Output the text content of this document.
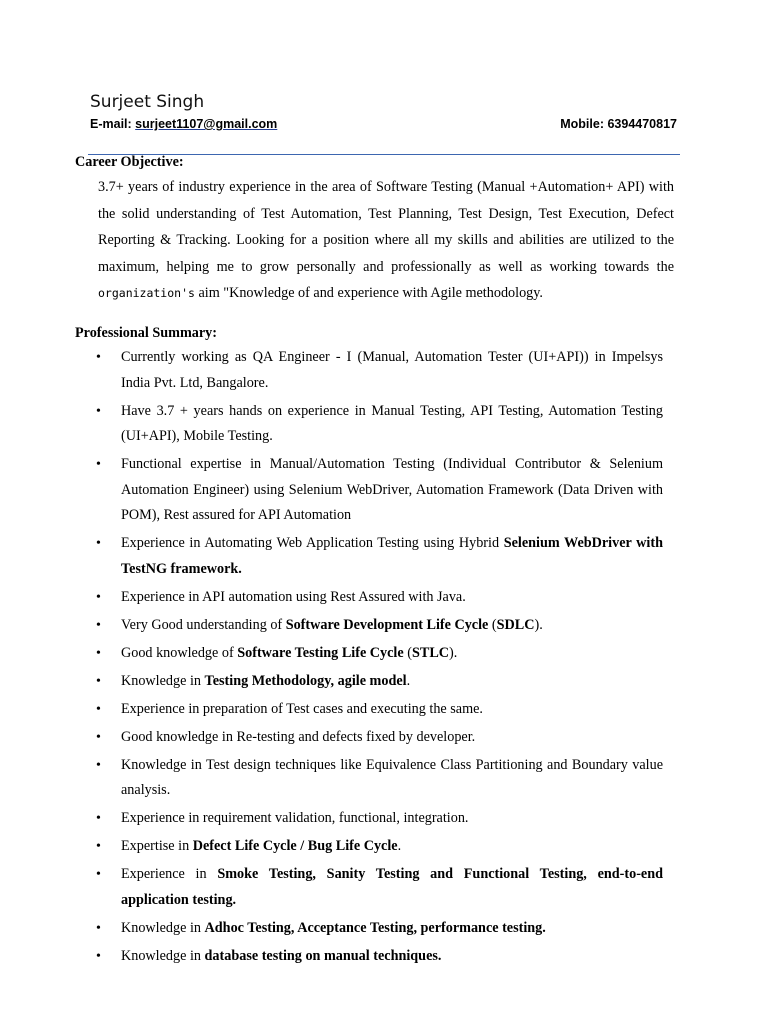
Surjeet Singh
E-mail: surjeet1107@gmail.com	Mobile: 6394470817
Career Objective:

3.7+ years of industry experience in the area of Software Testing (Manual +Automation+ API) with the solid understanding of Test Automation, Test Planning, Test Design, Test Execution, Defect Reporting & Tracking. Looking for a position where all my skills and abilities are utilized to the maximum, helping me to grow personally and professionally as well as working towards the organization's aim "Knowledge of and experience with Agile methodology.

Professional Summary:
• Currently working as QA Engineer - I (Manual, Automation Tester (UI+API)) in Impelsys India Pvt. Ltd, Bangalore.
• Have 3.7 + years hands on experience in Manual Testing, API Testing, Automation Testing (UI+API), Mobile Testing.
• Functional expertise in Manual/Automation Testing (Individual Contributor & Selenium Automation Engineer) using Selenium WebDriver, Automation Framework (Data Driven with POM), Rest assured for API Automation
• Experience in Automating Web Application Testing using Hybrid Selenium WebDriver with TestNG framework.
• Experience in API automation using Rest Assured with Java.
• Very Good understanding of Software Development Life Cycle (SDLC).
• Good knowledge of Software Testing Life Cycle (STLC).
• Knowledge in Testing Methodology, agile model.
• Experience in preparation of Test cases and executing the same.
• Good knowledge in Re-testing and defects fixed by developer.
• Knowledge in Test design techniques like Equivalence Class Partitioning and Boundary value analysis.
• Experience in requirement validation, functional, integration.
• Expertise in Defect Life Cycle / Bug Life Cycle.
• Experience in Smoke Testing, Sanity Testing and Functional Testing, end-to-end application testing.
• Knowledge in Adhoc Testing, Acceptance Testing, performance testing.
• Knowledge in database testing on manual techniques.
